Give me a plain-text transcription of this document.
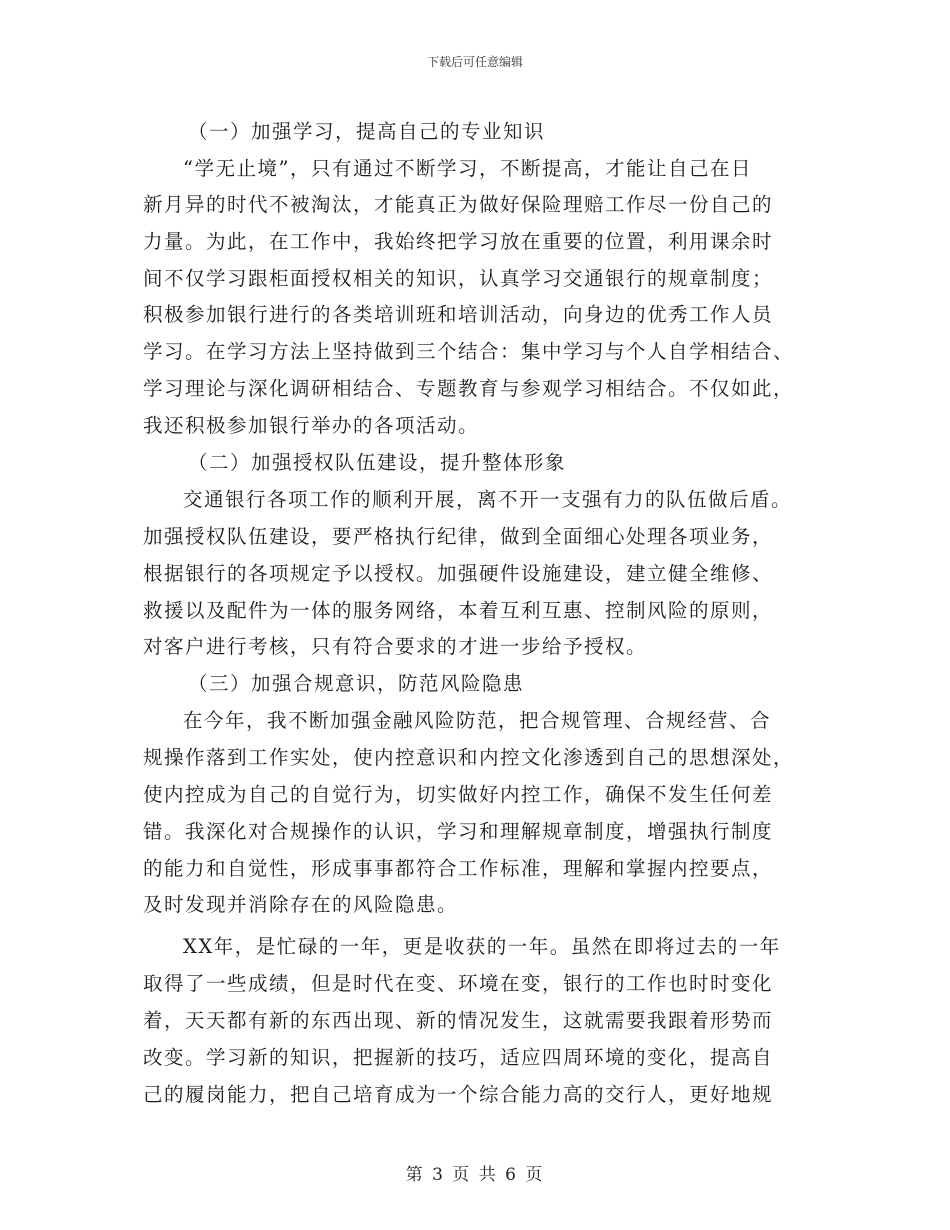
下载后可任意编辑
（一）加强学习，提高自己的专业知识
“学无止境”，只有通过不断学习，不断提高，才能让自己在日
新月异的时代不被淘汰，才能真正为做好保险理赔工作尽一份自己的
力量。为此，在工作中，我始终把学习放在重要的位置，利用课余时
间不仅学习跟柜面授权相关的知识，认真学习交通银行的规章制度；
积极参加银行进行的各类培训班和培训活动，向身边的优秀工作人员
学习。在学习方法上坚持做到三个结合：集中学习与个人自学相结合、
学习理论与深化调研相结合、专题教育与参观学习相结合。不仅如此，
我还积极参加银行举办的各项活动。
（二）加强授权队伍建设，提升整体形象
交通银行各项工作的顺利开展，离不开一支强有力的队伍做后盾。
加强授权队伍建设，要严格执行纪律，做到全面细心处理各项业务，
根据银行的各项规定予以授权。加强硬件设施建设，建立健全维修、
救援以及配件为一体的服务网络，本着互利互惠、控制风险的原则，
对客户进行考核，只有符合要求的才进一步给予授权。
（三）加强合规意识，防范风险隐患
在今年，我不断加强金融风险防范，把合规管理、合规经营、合
规操作落到工作实处，使内控意识和内控文化渗透到自己的思想深处，
使内控成为自己的自觉行为，切实做好内控工作，确保不发生任何差
错。我深化对合规操作的认识，学习和理解规章制度，增强执行制度
的能力和自觉性，形成事事都符合工作标准，理解和掌握内控要点，
及时发现并消除存在的风险隐患。
XX年，是忙碌的一年，更是收获的一年。虽然在即将过去的一年
取得了一些成绩，但是时代在变、环境在变，银行的工作也时时变化
着，天天都有新的东西出现、新的情况发生，这就需要我跟着形势而
改变。学习新的知识，把握新的技巧，适应四周环境的变化，提高自
己的履岗能力，把自己培育成为一个综合能力高的交行人，更好地规
第 3 页 共 6 页
